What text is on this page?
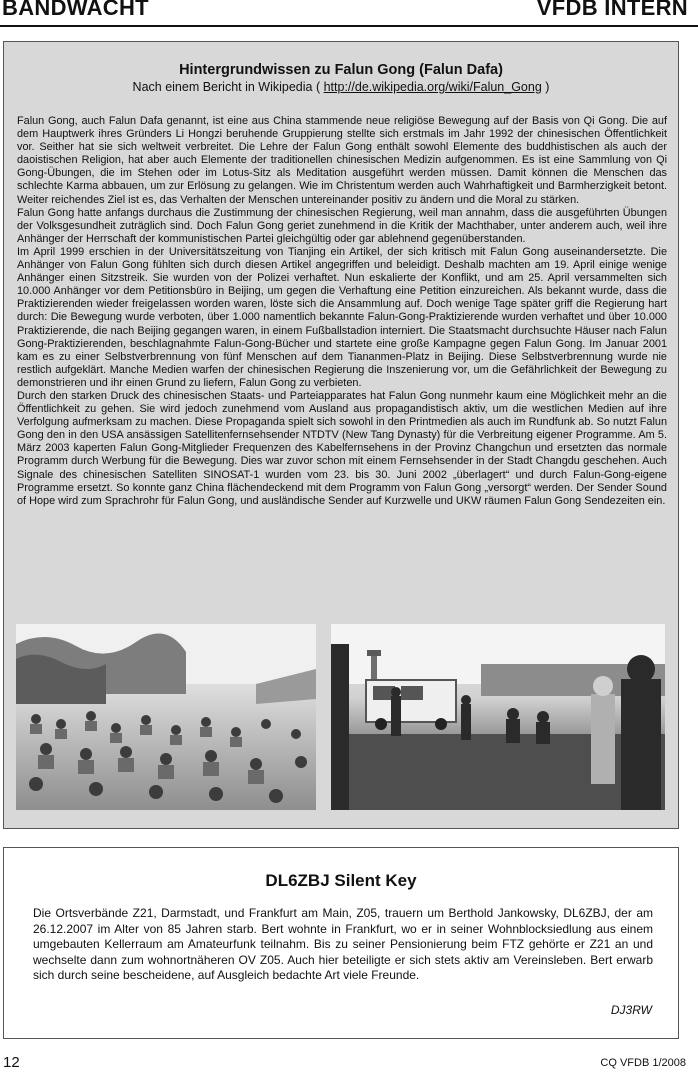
BANDWACHT	VFDB INTERN
Hintergrundwissen zu Falun Gong (Falun Dafa)
Nach einem Bericht in Wikipedia ( http://de.wikipedia.org/wiki/Falun_Gong )

Falun Gong, auch Falun Dafa genannt, ist eine aus China stammende neue religiöse Bewegung auf der Basis von Qi Gong. Die auf dem Hauptwerk ihres Gründers Li Hongzi beruhende Gruppierung stellte sich erstmals im Jahr 1992 der chinesischen Öffentlichkeit vor. Seither hat sie sich weltweit verbreitet. Die Lehre der Falun Gong enthält sowohl Elemente des buddhistischen als auch der daoistischen Religion, hat aber auch Elemente der traditionellen chinesischen Medizin aufgenommen. Es ist eine Sammlung von Qi Gong-Übungen, die im Stehen oder im Lotus-Sitz als Meditation ausgeführt werden müssen. Damit können die Menschen das schlechte Karma abbauen, um zur Erlösung zu gelangen. Wie im Christentum werden auch Wahrhaftigkeit und Barmherzigkeit betont. Weiter reichendes Ziel ist es, das Verhalten der Menschen untereinander positiv zu ändern und die Moral zu stärken.

Falun Gong hatte anfangs durchaus die Zustimmung der chinesischen Regierung, weil man annahm, dass die ausgeführten Übungen der Volksgesundheit zuträglich sind. Doch Falun Gong geriet zunehmend in die Kritik der Machthaber, unter anderem auch, weil ihre Anhänger der Herrschaft der kommunistischen Partei gleichgültig oder gar ablehnend gegenüberstanden.

Im April 1999 erschien in der Universitätszeitung von Tianjing ein Artikel, der sich kritisch mit Falun Gong auseinandersetzte. Die Anhänger von Falun Gong fühlten sich durch diesen Artikel angegriffen und beleidigt. Deshalb machten am 19. April einige wenige Anhänger einen Sitzstreik. Sie wurden von der Polizei verhaftet. Nun eskalierte der Konflikt, und am 25. April versammelten sich 10.000 Anhänger vor dem Petitionsbüro in Beijing, um gegen die Verhaftung eine Petition einzureichen. Als bekannt wurde, dass die Praktizierenden wieder freigelassen worden waren, löste sich die Ansammlung auf. Doch wenige Tage später griff die Regierung hart durch: Die Bewegung wurde verboten, über 1.000 namentlich bekannte Falun-Gong-Praktizierende wurden verhaftet und über 10.000 Praktizierende, die nach Beijing gegangen waren, in einem Fußballstadion interniert. Die Staatsmacht durchsuchte Häuser nach Falun Gong-Praktizierenden, beschlagnahmte Falun-Gong-Bücher und startete eine große Kampagne gegen Falun Gong. Im Januar 2001 kam es zu einer Selbstverbrennung von fünf Menschen auf dem Tiananmen-Platz in Beijing. Diese Selbstverbrennung wurde nie restlich aufgeklärt. Manche Medien warfen der chinesischen Regierung die Inszenierung vor, um die Gefährlichkeit der Bewegung zu demonstrieren und ihr einen Grund zu liefern, Falun Gong zu verbieten.

Durch den starken Druck des chinesischen Staats- und Parteiapparates hat Falun Gong nunmehr kaum eine Möglichkeit mehr an die Öffentlichkeit zu gehen. Sie wird jedoch zunehmend vom Ausland aus propagandistisch aktiv, um die westlichen Medien auf ihre Verfolgung aufmerksam zu machen. Diese Propaganda spielt sich sowohl in den Printmedien als auch im Rundfunk ab. So nutzt Falun Gong den in den USA ansässigen Satellitenfernsehsender NTDTV (New Tang Dynasty) für die Verbreitung eigener Programme. Am 5. März 2003 kaperten Falun Gong-Mitglieder Frequenzen des Kabelfernsehens in der Provinz Changchun und ersetzten das normale Programm durch Werbung für die Bewegung. Dies war zuvor schon mit einem Fernsehsender in der Stadt Changdu geschehen. Auch Signale des chinesischen Satelliten SINOSAT-1 wurden vom 23. bis 30. Juni 2002 „überlagert“ und durch Falun-Gong-eigene Programme ersetzt. So konnte ganz China flächendeckend mit dem Programm von Falun Gong „versorgt“ werden. Der Sender Sound of Hope wird zum Sprachrohr für Falun Gong, und ausländische Sender auf Kurzwelle und UKW räumen Falun Gong Sendezeiten ein.

DL6ZBJ Silent Key

Die Ortsverbände Z21, Darmstadt, und Frankfurt am Main, Z05, trauern um Berthold Jankowsky, DL6ZBJ, der am 26.12.2007 im Alter von 85 Jahren starb. Bert wohnte in Frankfurt, wo er in seiner Wohnblocksiedlung aus einem umgebauten Kellerraum am Amateurfunk teilnahm. Bis zu seiner Pensionierung beim FTZ gehörte er Z21 an und wechselte dann zum wohnortnäheren OV Z05. Auch hier beteiligte er sich stets aktiv am Vereinsleben. Bert erwarb sich durch seine bescheidene, auf Ausgleich bedachte Art viele Freunde.

DJ3RW
12	CQ VFDB 1/2008
